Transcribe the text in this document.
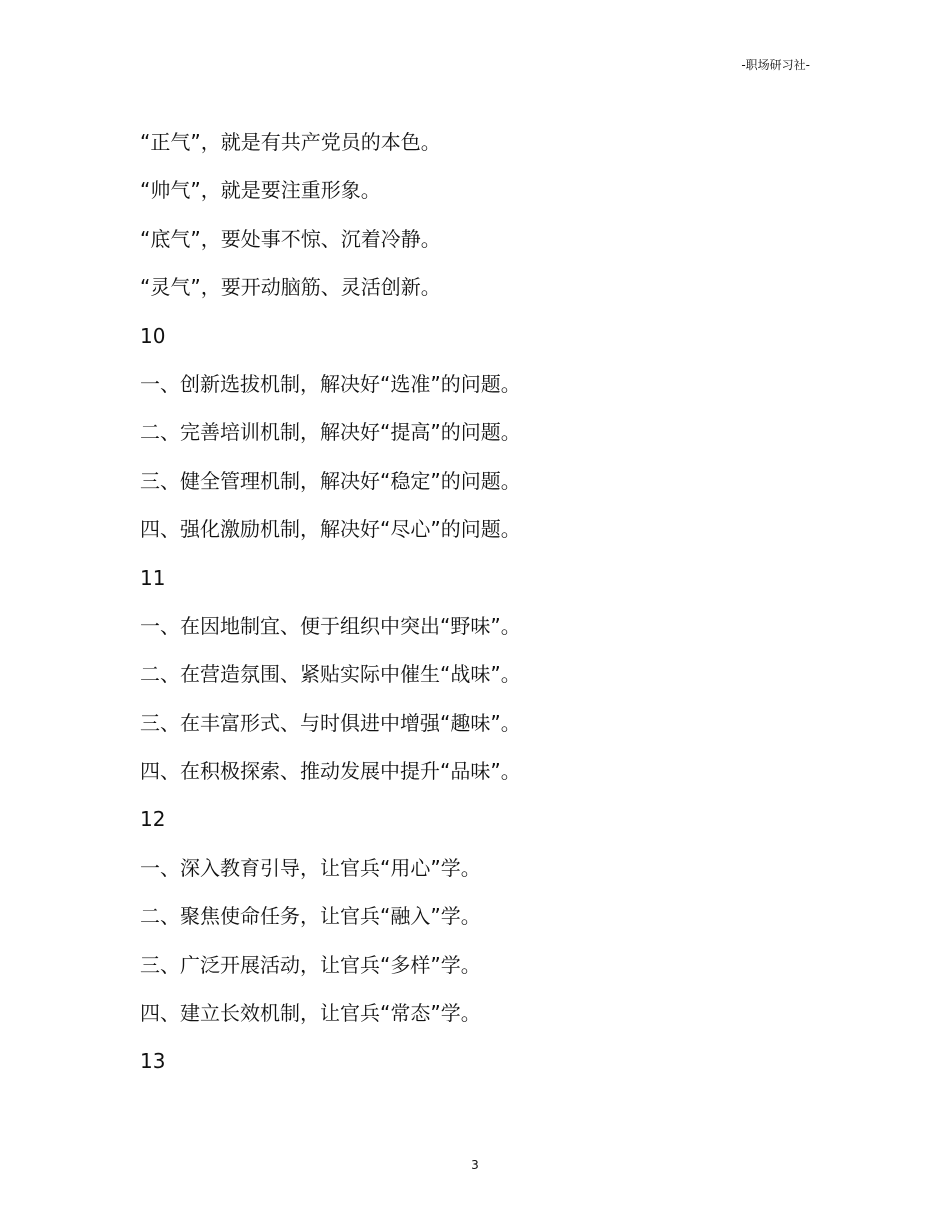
-职场研习社-
“正气”，就是有共产党员的本色。
“帅气”，就是要注重形象。
“底气”，要处事不惊、沉着冷静。
“灵气”，要开动脑筋、灵活创新。
10
一、创新选拔机制，解决好“选准”的问题。
二、完善培训机制，解决好“提高”的问题。
三、健全管理机制，解决好“稳定”的问题。
四、强化激励机制，解决好“尽心”的问题。
11
一、在因地制宜、便于组织中突出“野味”。
二、在营造氛围、紧贴实际中催生“战味”。
三、在丰富形式、与时俱进中增强“趣味”。
四、在积极探索、推动发展中提升“品味”。
12
一、深入教育引导，让官兵“用心”学。
二、聚焦使命任务，让官兵“融入”学。
三、广泛开展活动，让官兵“多样”学。
四、建立长效机制，让官兵“常态”学。
13
3
